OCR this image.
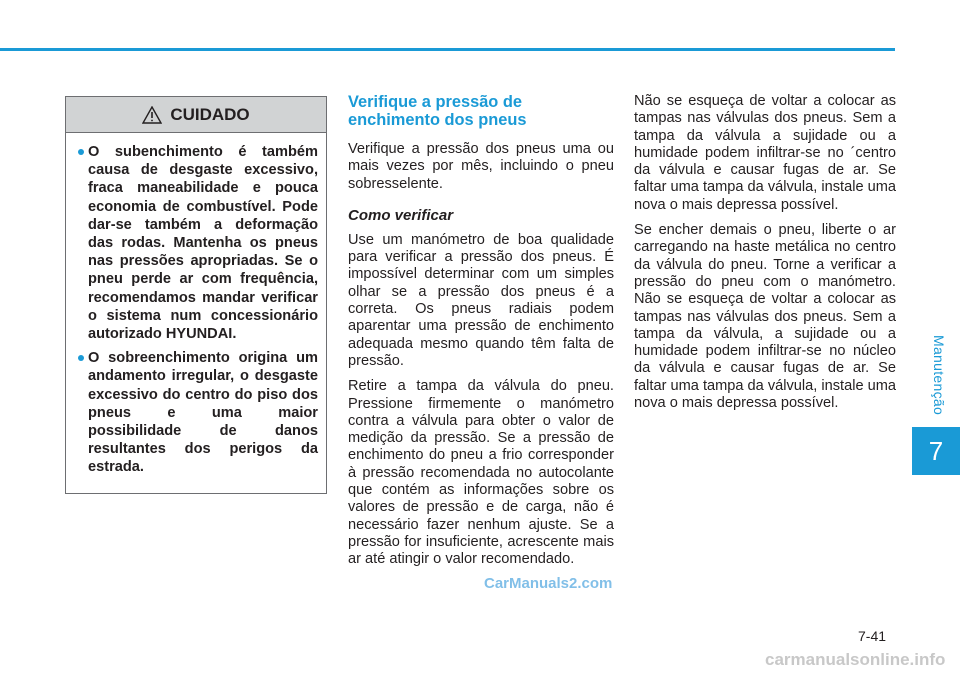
Manutenção
7
CUIDADO
O subenchimento é também causa de desgaste excessivo, fraca maneabilidade e pouca economia de combustível. Pode dar-se também a deformação das rodas. Mantenha os pneus nas pressões apropriadas. Se o pneu perde ar com frequência, recomendamos mandar verificar o sistema num concessionário autorizado HYUNDAI.
O sobreenchimento origina um andamento irregular, o desgaste excessivo do centro do piso dos pneus e uma maior possibilidade de danos resultantes dos perigos da estrada.
Verifique a pressão de enchimento dos pneus

Verifique a pressão dos pneus uma ou mais vezes por mês, incluindo o pneu sobresselente.

Como verificar

Use um manómetro de boa qualidade para verificar a pressão dos pneus. É impossível determinar com um simples olhar se a pressão dos pneus é a correta. Os pneus radiais podem aparentar uma pressão de enchimento adequada mesmo quando têm falta de pressão.

Retire a tampa da válvula do pneu. Pressione firmemente o manómetro contra a válvula para obter o valor de medição da pressão. Se a pressão de enchimento do pneu a frio corresponder à pressão recomendada no autocolante que contém as informações sobre os valores de pressão e de carga, não é necessário fazer nenhum ajuste. Se a pressão for insuficiente, acrescente mais ar até atingir o valor recomendado.

Não se esqueça de voltar a colocar as tampas nas válvulas dos pneus. Sem a tampa da válvula a sujidade ou a humidade podem infiltrar-se no ´centro da válvula e causar fugas de ar. Se faltar uma tampa da válvula, instale uma nova o mais depressa possível.

Se encher demais o pneu, liberte o ar carregando na haste metálica no centro da válvula do pneu. Torne a verificar a pressão do pneu com o manómetro. Não se esqueça de voltar a colocar as tampas nas válvulas dos pneus. Sem a tampa da válvula, a sujidade ou a humidade podem infiltrar-se no núcleo da válvula e causar fugas de ar. Se faltar uma tampa da válvula, instale uma nova o mais depressa possível.

CarManuals2.com
7-41
carmanualsonline.info
